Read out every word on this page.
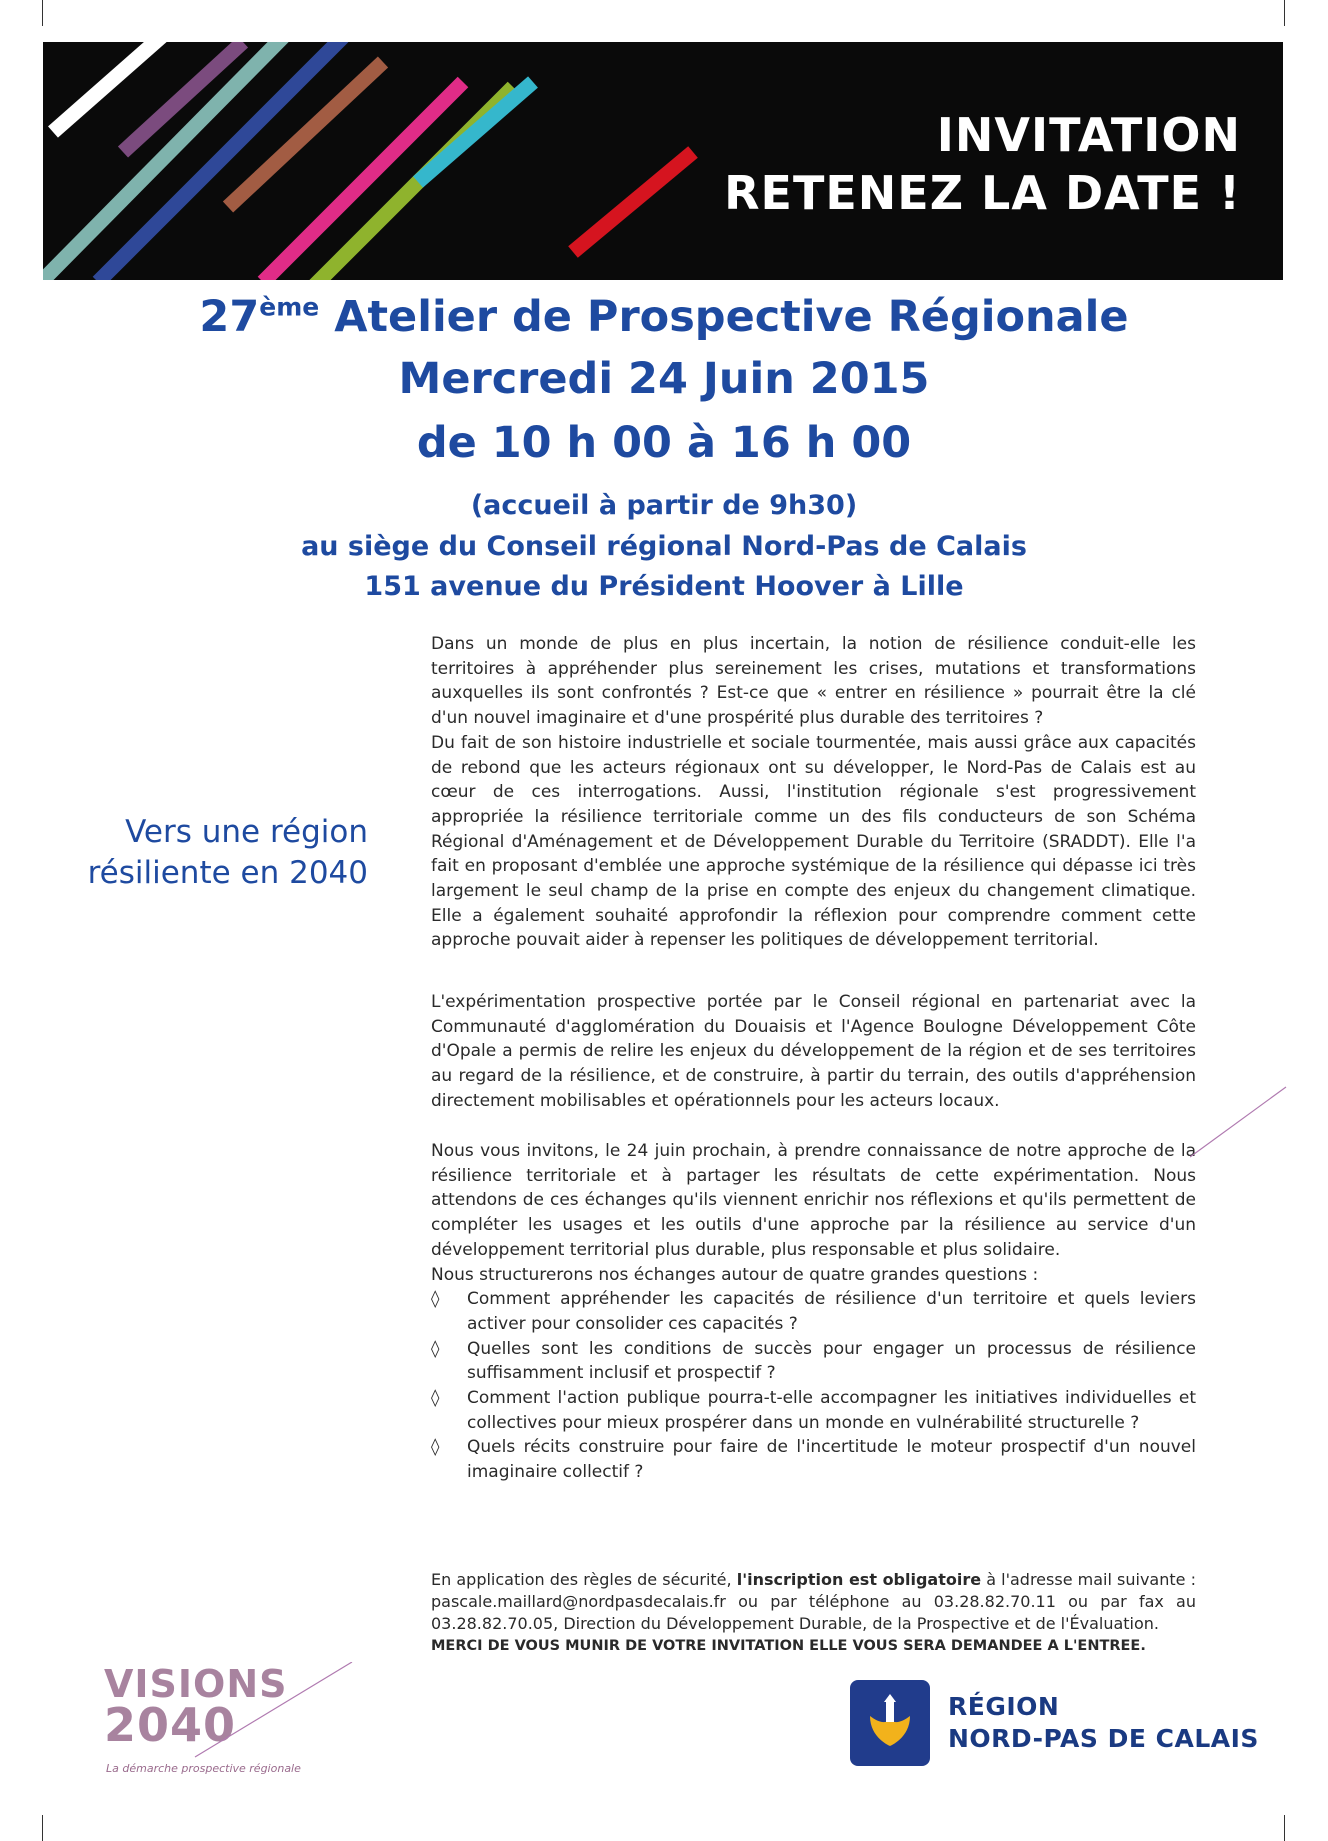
INVITATION
RETENEZ LA DATE !
27ème Atelier de Prospective Régionale
Mercredi 24 Juin 2015
de 10 h 00 à 16 h 00
(accueil à partir de 9h30)
au siège du Conseil régional Nord-Pas de Calais
151 avenue du Président Hoover à Lille
Vers une région
résiliente en 2040

Dans un monde de plus en plus incertain, la notion de résilience conduit-elle les territoires à appréhender plus sereinement les crises, mutations et transformations auxquelles ils sont confrontés ? Est-ce que « entrer en résilience » pourrait être la clé d'un nouvel imaginaire et d'une prospérité plus durable des territoires ?

Du fait de son histoire industrielle et sociale tourmentée, mais aussi grâce aux capacités de rebond que les acteurs régionaux ont su développer, le Nord-Pas de Calais est au cœur de ces interrogations. Aussi, l'institution régionale s'est progressivement appropriée la résilience territoriale comme un des fils conducteurs de son Schéma Régional d'Aménagement et de Développement Durable du Territoire (SRADDT). Elle l'a fait en proposant d'emblée une approche systémique de la résilience qui dépasse ici très largement le seul champ de la prise en compte des enjeux du changement climatique. Elle a également souhaité approfondir la réflexion pour comprendre comment cette approche pouvait aider à repenser les politiques de développement territorial.

L'expérimentation prospective portée par le Conseil régional en partenariat avec la Communauté d'agglomération du Douaisis et l'Agence Boulogne Développement Côte d'Opale a permis de relire les enjeux du développement de la région et de ses territoires au regard de la résilience, et de construire, à partir du terrain, des outils d'appréhension directement mobilisables et opérationnels pour les acteurs locaux.

Nous vous invitons, le 24 juin prochain, à prendre connaissance de notre approche de la résilience territoriale et à partager les résultats de cette expérimentation. Nous attendons de ces échanges qu'ils viennent enrichir nos réflexions et qu'ils permettent de compléter les usages et les outils d'une approche par la résilience au service d'un développement territorial plus durable, plus responsable et plus solidaire.

Nous structurerons nos échanges autour de quatre grandes questions :

◊ Comment appréhender les capacités de résilience d'un territoire et quels leviers activer pour consolider ces capacités ?
◊ Quelles sont les conditions de succès pour engager un processus de résilience suffisamment inclusif et prospectif ?
◊ Comment l'action publique pourra-t-elle accompagner les initiatives individuelles et collectives pour mieux prospérer dans un monde en vulnérabilité structurelle ?
◊ Quels récits construire pour faire de l'incertitude le moteur prospectif d'un nouvel imaginaire collectif ?

En application des règles de sécurité, l'inscription est obligatoire à l'adresse mail suivante : pascale.maillard@nordpasdecalais.fr ou par téléphone au 03.28.82.70.11 ou par fax au 03.28.82.70.05, Direction du Développement Durable, de la Prospective et de l'Évaluation.

MERCI DE VOUS MUNIR DE VOTRE INVITATION ELLE VOUS SERA DEMANDEE A L'ENTREE.

VISIONS
2040
La démarche prospective régionale
RÉGION
NORD-PAS DE CALAIS
